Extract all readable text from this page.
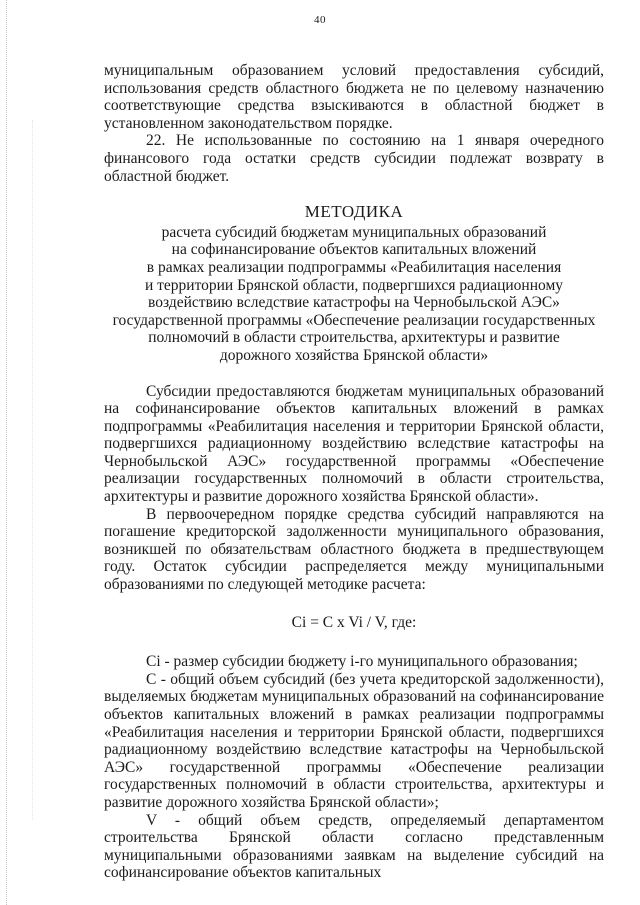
40

муниципальным образованием условий предоставления субсидий, использования средств областного бюджета не по целевому назначению соответствующие средства взыскиваются в областной бюджет в установленном законодательством порядке.

22. Не использованные по состоянию на 1 января очередного финансового года остатки средств субсидии подлежат возврату в областной бюджет.

МЕТОДИКА
расчета субсидий бюджетам муниципальных образований
на софинансирование объектов капитальных вложений
в рамках реализации подпрограммы «Реабилитация населения
и территории Брянской области, подвергшихся радиационному
воздействию вследствие катастрофы на Чернобыльской АЭС»
государственной программы «Обеспечение реализации государственных
полномочий в области строительства, архитектуры и развитие
дорожного хозяйства Брянской области»

Субсидии предоставляются бюджетам муниципальных образований на софинансирование объектов капитальных вложений в рамках подпрограммы «Реабилитация населения и территории Брянской области, подвергшихся радиационному воздействию вследствие катастрофы на Чернобыльской АЭС» государственной программы «Обеспечение реализации государственных полномочий в области строительства, архитектуры и развитие дорожного хозяйства Брянской области».

В первоочередном порядке средства субсидий направляются на погашение кредиторской задолженности муниципального образования, возникшей по обязательствам областного бюджета в предшествующем году. Остаток субсидии распределяется между муниципальными образованиями по следующей методике расчета:

Ci = C x Vi / V, где:

Ci - размер субсидии бюджету i-го муниципального образования;

С - общий объем субсидий (без учета кредиторской задолженности), выделяемых бюджетам муниципальных образований на софинансирование объектов капитальных вложений в рамках реализации подпрограммы «Реабилитация населения и территории Брянской области, подвергшихся радиационному воздействию вследствие катастрофы на Чернобыльской АЭС» государственной программы «Обеспечение реализации государственных полномочий в области строительства, архитектуры и развитие дорожного хозяйства Брянской области»;

V - общий объем средств, определяемый департаментом строительства Брянской области согласно представленным муниципальными образованиями заявкам на выделение субсидий на софинансирование объектов капитальных
